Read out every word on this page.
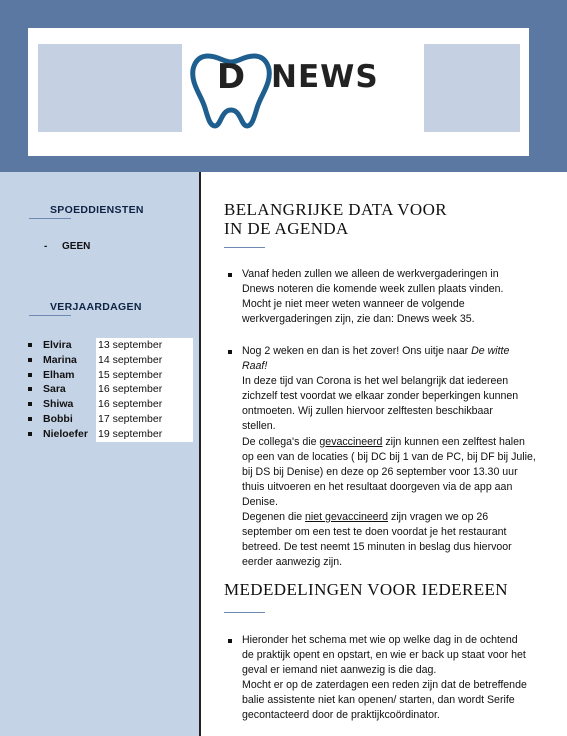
D NEWS
SPOEDDIENSTEN
- GEEN
VERJAARDAGEN
Elvira	13 september
Marina	14 september
Elham	15 september
Sara	16 september
Shiwa	16 september
Bobbi	17 september
Nieloefer 19 september
BELANGRIJKE DATA VOOR
IN DE AGENDA

Vanaf heden zullen we alleen de werkvergaderingen in

Dnews noteren die komende week zullen plaats vinden.

Mocht je niet meer weten wanneer de volgende

werkvergaderingen zijn, zie dan: Dnews week 35.

Nog 2 weken en dan is het zover! Ons uitje naar De witte

Raaf!

In deze tijd van Corona is het wel belangrijk dat iedereen

zichzelf test voordat we elkaar zonder beperkingen kunnen

ontmoeten. Wij zullen hiervoor zelftesten beschikbaar

stellen.

De collega's die gevaccineerd zijn kunnen een zelftest halen

op een van de locaties ( bij DC bij 1 van de PC, bij DF bij Julie,

bij DS bij Denise) en deze op 26 september voor 13.30 uur

thuis uitvoeren en het resultaat doorgeven via de app aan

Denise.

Degenen die niet gevaccineerd zijn vragen we op 26

september om een test te doen voordat je het restaurant

betreed. De test neemt 15 minuten in beslag dus hiervoor

eerder aanwezig zijn.

MEDEDELINGEN VOOR IEDEREEN

Hieronder het schema met wie op welke dag in de ochtend

de praktijk opent en opstart, en wie er back up staat voor het

geval er iemand niet aanwezig is die dag.

Mocht er op de zaterdagen een reden zijn dat de betreffende

balie assistente niet kan openen/ starten, dan wordt Serife

gecontacteerd door de praktijkcoördinator.
